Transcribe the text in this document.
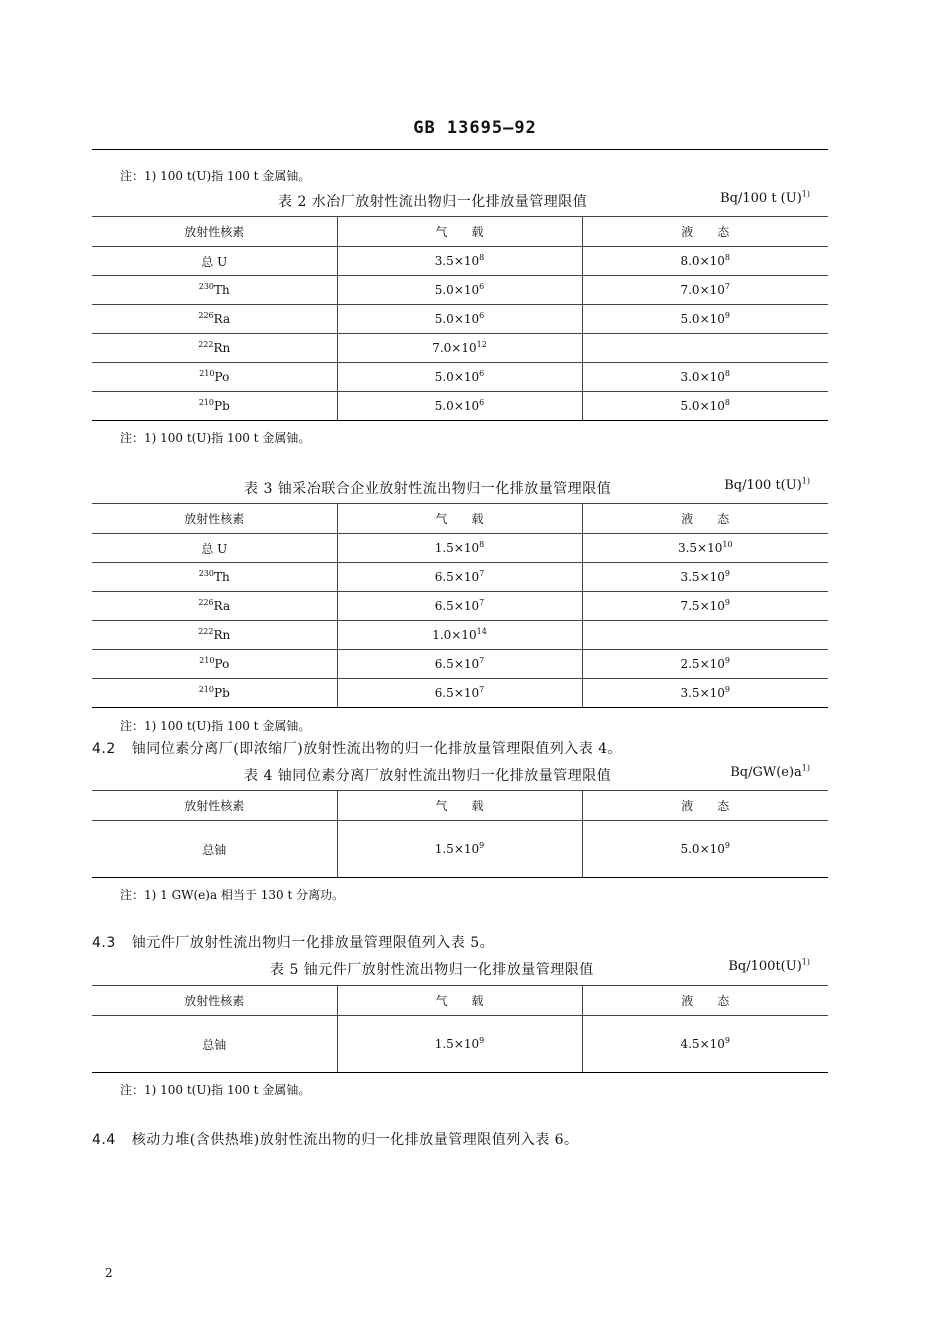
GB 13695—92
注：1) 100 t(U)指 100 t 金属铀。
表 2 水冶厂放射性流出物归一化排放量管理限值	Bq/100 t $(U)^{1)}$
放射性核素	气　　载	液　　态
总 U	$3.5\times 10^8$	$8.0\times 10^8$
$^{230}$Th	$5.0\times 10^6$	$7.0\times 10^7$
$^{226}$Ra	$5.0\times 10^6$	$5.0\times 10^9$
$^{222}$Rn	$7.0\times 10^{12}$	
$^{210}$Po	$5.0\times 10^6$	$3.0\times 10^8$
$^{210}$Pb	$5.0\times 10^6$	$5.0\times 10^8$
注：1) 100 t(U)指 100 t 金属铀。
表 3 铀采冶联合企业放射性流出物归一化排放量管理限值	Bq/100 $t(U)^{1)}$
放射性核素	气　　载	液　　态
总 U	$1.5\times 10^8$	$3.5\times 10^{10}$
$^{230}$Th	$6.5\times 10^7$	$3.5\times 10^9$
$^{226}$Ra	$6.5\times 10^7$	$7.5\times 10^9$
$^{222}$Rn	$1.0\times 10^{14}$	
$^{210}$Po	$6.5\times 10^7$	$2.5\times 10^9$
$^{210}$Pb	$6.5\times 10^7$	$3.5\times 10^9$
注：1) 100 t(U)指 100 t 金属铀。
4.2 铀同位素分离厂(即浓缩厂)放射性流出物的归一化排放量管理限值列入表 4。
表 4 铀同位素分离厂放射性流出物归一化排放量管理限值	$Bq/GW(e)a^{1)}$
放射性核素	气　　载	液　　态
总铀	$1.5\times 10^9$	$5.0\times 10^9$
注：1) 1 GW(e)a 相当于 130 t 分离功。
4.3 铀元件厂放射性流出物归一化排放量管理限值列入表 5。
表 5 铀元件厂放射性流出物归一化排放量管理限值	$Bq/100t(U)^{1)}$
放射性核素	气　　载	液　　态
总铀	$1.5\times 10^9$	$4.5\times 10^9$
注：1) 100 t(U)指 100 t 金属铀。
4.4 核动力堆(含供热堆)放射性流出物的归一化排放量管理限值列入表 6。
2
